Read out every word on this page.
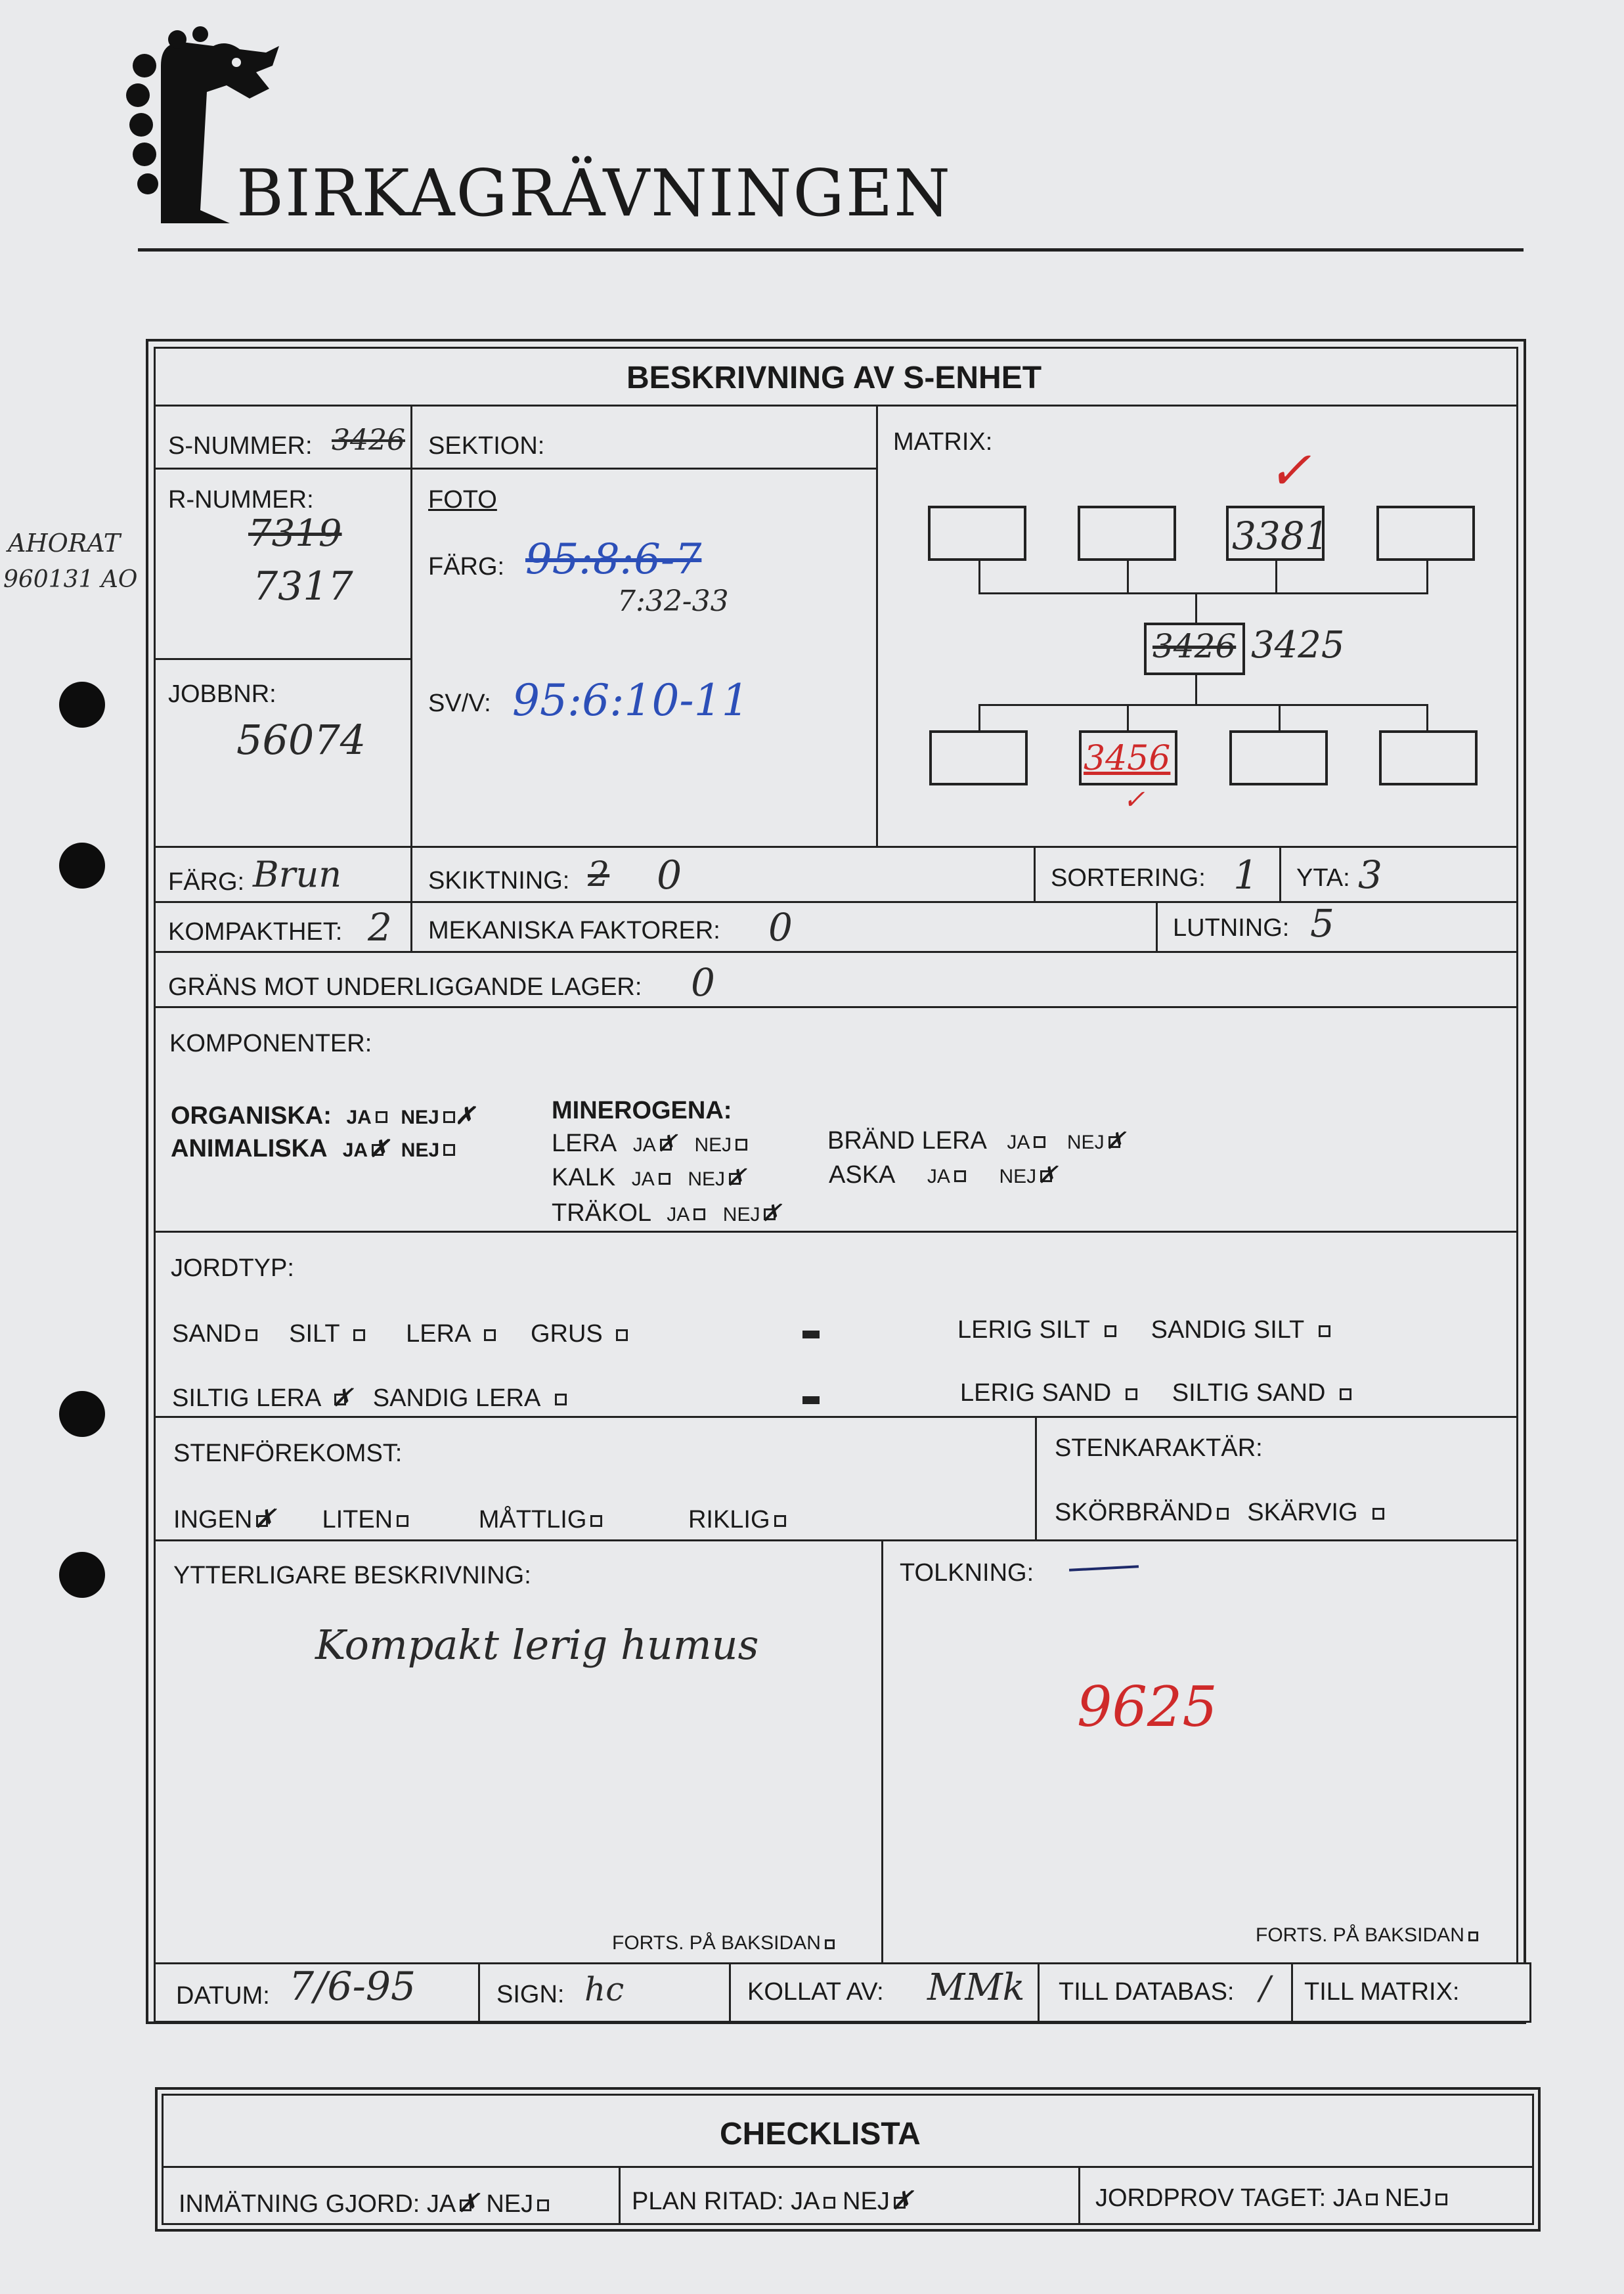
BIRKAGRÄVNINGEN
AHORAT
960131 AO
BESKRIVNING AV S-ENHET
S-NUMMER: 3426 SEKTION:	MATRIX:
R-NUMMER:
7319
7317
FOTO
FÄRG: 95:8:6-7
7:32-33
JOBBNR:
56074
SV/V: 95:6:10-11
✓
3381
3426 3425
3456
✓
FÄRG: Brun	SKIKTNING: 2 0	SORTERING: 1 YTA: 3
KOMPAKTHET: 2 MEKANISKA FAKTORER: 0	LUTNING: 5
GRÄNS MOT UNDERLIGGANDE LAGER: 0
KOMPONENTER:
ORGANISKA: JA NEJ ✗
ANIMALISKA JA✗ NEJ
MINEROGENA:
LERA JA✗ NEJ
KALK JA NEJ✗
TRÄKOL JA NEJ✗
BRÄND LERA JA NEJ✗
ASKA JA NEJ✗
JORDTYP:
SAND SILT	LERA GRUS	LERIG SILT SANDIG SILT
SILTIG LERA ✗ SANDIG LERA	LERIG SAND SILTIG SAND
STENFÖREKOMST:
INGEN✗ LITEN	MÅTTLIG	RIKLIG
STENKARAKTÄR:
SKÖRBRÄND SKÄRVIG
YTTERLIGARE BESKRIVNING:
Kompakt lerig humus
FORTS. PÅ BAKSIDAN
TOLKNING:
9625
FORTS. PÅ BAKSIDAN
DATUM: 7/6-95	SIGN: hc	KOLLAT AV: MMk TILL DATABAS: / TILL MATRIX:
CHECKLISTA
INMÄTNING GJORD: JA✗ NEJ	PLAN RITAD: JA NEJ✗	JORDPROV TAGET: JA NEJ
